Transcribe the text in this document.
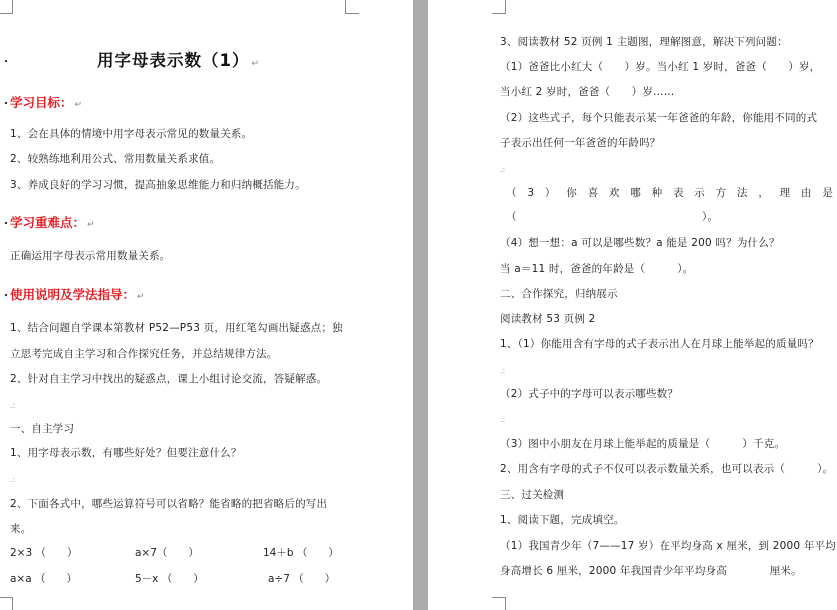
用字母表示数（1） ↵
学习目标： ↵
1、会在具体的情境中用字母表示常见的数量关系。
2、较熟练地利用公式、常用数量关系求值。
3、养成良好的学习习惯，提高抽象思维能力和归纳概括能力。
学习重难点： ↵
正确运用字母表示常用数量关系。
使用说明及学法指导： ↵
1、结合问题自学课本第教材 P52—P53 页，用红笔勾画出疑惑点；独
立思考完成自主学习和合作探究任务，并总结规律方法。
2、针对自主学习中找出的疑惑点，课上小组讨论交流，答疑解惑。
.:
一、自主学习
1、用字母表示数，有哪些好处？但要注意什么？
.:
2、下面各式中，哪些运算符号可以省略？能省略的把省略后的写出
来。
2×3 （　　）	a×7（　　）	14＋b （　　）
a×a （　　）	5－x （　　）	a÷7 （　　）
3、阅读教材 52 页例 1 主题图，理解图意，解决下列问题：
（1）爸爸比小红大（　　）岁。当小红 1 岁时，爸爸（　　）岁，
当小红 2 岁时，爸爸（　　）岁……
（2）这些式子，每个只能表示某一年爸爸的年龄，你能用不同的式
子表示出任何一年爸爸的年龄吗？
.:
（ 3 ） 你 喜 欢 哪 种 表 示 方 法 ， 理 由 是
（	）。
（4）想一想：a 可以是哪些数？a 能是 200 吗？为什么？
当 a＝11 时，爸爸的年龄是（　　　）。
二、合作探究，归纳展示
阅读教材 53 页例 2
1、（1）你能用含有字母的式子表示出人在月球上能举起的质量吗？
.:
（2）式子中的字母可以表示哪些数？
.:
（3）图中小朋友在月球上能举起的质量是（　　　）千克。
2、用含有字母的式子不仅可以表示数量关系，也可以表示（　　　）。
三、过关检测
1、阅读下题，完成填空。
（1）我国青少年（7——17 岁）在平均身高 x 厘米，到 2000 年平均
身高增长 6 厘米，2000 年我国青少年平均身高　　　　厘米。
